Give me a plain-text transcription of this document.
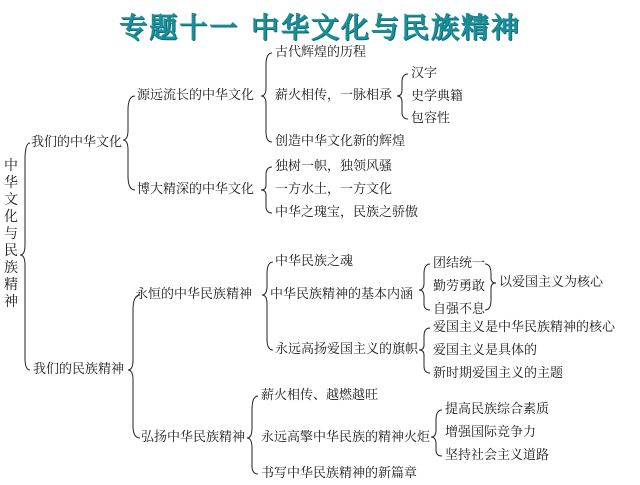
专题十一 中华文化与民族精神
中
华
文
化
与
民
族
精
神
我们的中华文化
我们的民族精神
源远流长的中华文化
博大精深的中华文化
永恒的中华民族精神
弘扬中华民族精神
古代辉煌的历程
薪火相传，一脉相承
创造中华文化新的辉煌
独树一帜，独领风骚
一方水土，一方文化
中华之瑰宝，民族之骄傲
中华民族之魂
中华民族精神的基本内涵
永远高扬爱国主义的旗帜
薪火相传、越燃越旺
永远高擎中华民族的精神火炬
书写中华民族精神的新篇章
汉字
史学典籍
包容性
团结统一
勤劳勇敢
自强不息
以爱国主义为核心
爱国主义是中华民族精神的核心
爱国主义是具体的
新时期爱国主义的主题
提高民族综合素质
增强国际竞争力
坚持社会主义道路
